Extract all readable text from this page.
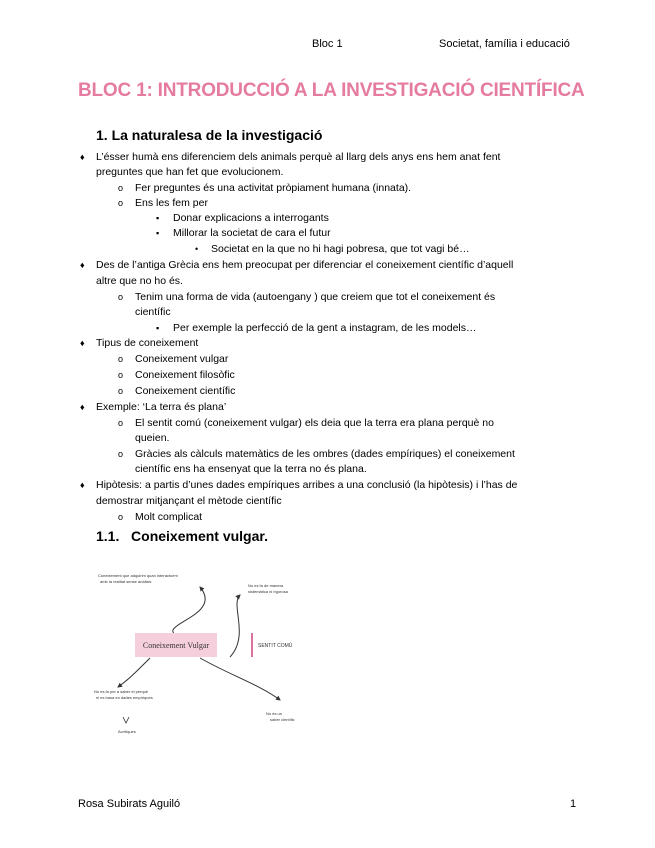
Bloc 1	Societat, família i educació
BLOC 1: INTRODUCCIÓ A LA INVESTIGACIÓ CIENTÍFICA
1. La naturalesa de la investigació
♦ L’ésser humà ens diferenciem dels animals perquè al llarg dels anys ens hem anat fent
preguntes que han fet que evolucionem.
o Fer preguntes és una activitat pròpiament humana (innata).
o Ens les fem per
▪ Donar explicacions a interrogants
▪ Millorar la societat de cara el futur
• Societat en la que no hi hagi pobresa, que tot vagi bé…
♦ Des de l’antiga Grècia ens hem preocupat per diferenciar el coneixement científic d’aquell
altre que no ho és.
o Tenim una forma de vida (autoengany ) que creiem que tot el coneixement és
científic
▪ Per exemple la perfecció de la gent a instagram, de les models…
♦ Tipus de coneixement
o Coneixement vulgar
o Coneixement filosòfic
o Coneixement científic
♦ Exemple: ‘La terra és plana’
o El sentit comú (coneixement vulgar) els deia que la terra era plana perquè no
queien.
o Gràcies als càlculs matemàtics de les ombres (dades empíriques) el coneixement
científic ens ha ensenyat que la terra no és plana.
♦ Hipòtesis: a partis d’unes dades empíriques arribes a una conclusió (la hipòtesis) i l’has de
demostrar mitjançant el mètode científic
o Molt complicat
1.1. Coneixement vulgar.
Coneixement Vulgar	SENTIT COMÚ
Coneixement que adquirim quan interactuem
amb la realitat sense anàlisis
No es fa de manera
sistemàtica ni rigorosa
No es fa per a saber el perquè
ni es basa en dades empíriques
Acrítiques
No és un
saber científic
Rosa Subirats Aguiló	1
